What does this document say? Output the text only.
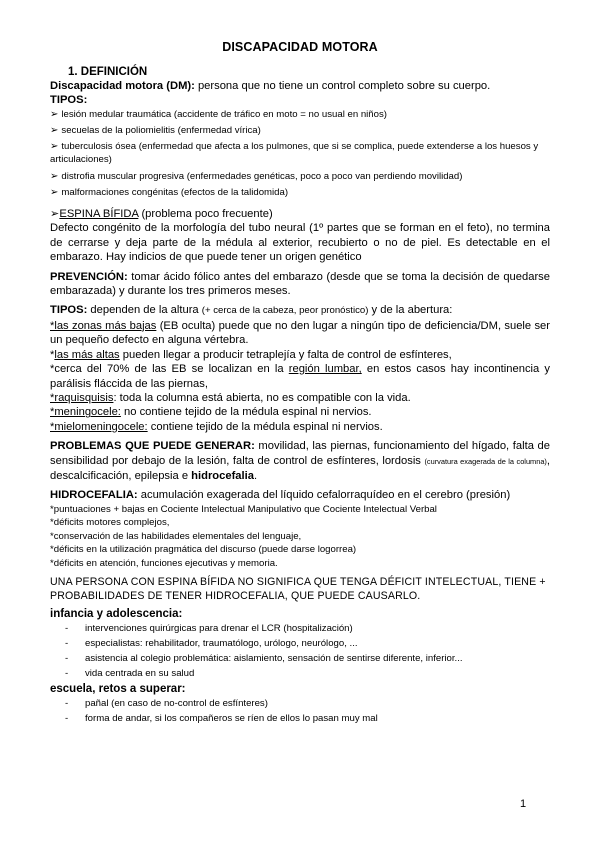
DISCAPACIDAD MOTORA

1. DEFINICIÓN

Discapacidad motora (DM): persona que no tiene un control completo sobre su cuerpo.

TIPOS:

➢ lesión medular traumática (accidente de tráfico en moto = no usual en niños)

➢ secuelas de la poliomielitis (enfermedad vírica)

➢ tuberculosis ósea (enfermedad que afecta a los pulmones, que si se complica, puede extenderse a los huesos y articulaciones)

➢ distrofia muscular progresiva (enfermedades genéticas, poco a poco van perdiendo movilidad)

➢ malformaciones congénitas (efectos de la talidomida)

➢ESPINA BÍFIDA (problema poco frecuente)

Defecto congénito de la morfología del tubo neural (1º partes que se forman en el feto), no termina de cerrarse y deja parte de la médula al exterior, recubierto o no de piel. Es detectable en el embarazo. Hay indicios de que puede tener un origen genético

PREVENCIÓN: tomar ácido fólico antes del embarazo (desde que se toma la decisión de quedarse embarazada) y durante los tres primeros meses.

TIPOS: dependen de la altura (+ cerca de la cabeza, peor pronóstico) y de la abertura:

*las zonas más bajas (EB oculta) puede que no den lugar a ningún tipo de deficiencia/DM, suele ser un pequeño defecto en alguna vértebra.

*las más altas pueden llegar a producir tetraplejía y falta de control de esfínteres,

*cerca del 70% de las EB se localizan en la región lumbar, en estos casos hay incontinencia y parálisis fláccida de las piernas,

*raquisquisis: toda la columna está abierta, no es compatible con la vida.

*meningocele: no contiene tejido de la médula espinal ni nervios.

*mielomeningocele: contiene tejido de la médula espinal ni nervios.

PROBLEMAS QUE PUEDE GENERAR: movilidad, las piernas, funcionamiento del hígado, falta de sensibilidad por debajo de la lesión, falta de control de esfínteres, lordosis (curvatura exagerada de la columna), descalcificación, epilepsia e hidrocefalia.

HIDROCEFALIA: acumulación exagerada del líquido cefalorraquídeo en el cerebro (presión)

*puntuaciones + bajas en Cociente Intelectual Manipulativo que Cociente Intelectual Verbal

*déficits motores complejos,

*conservación de las habilidades elementales del lenguaje,

*déficits en la utilización pragmática del discurso (puede darse logorrea)

*déficits en atención, funciones ejecutivas y memoria.

UNA PERSONA CON ESPINA BÍFIDA NO SIGNIFICA QUE TENGA DÉFICIT INTELECTUAL, TIENE + PROBABILIDADES DE TENER HIDROCEFALIA, QUE PUEDE CAUSARLO.

infancia y adolescencia:

-	intervenciones quirúrgicas para drenar el LCR (hospitalización)

-	especialistas: rehabilitador, traumatólogo, urólogo, neurólogo, ...

-	asistencia al colegio problemática: aislamiento, sensación de sentirse diferente, inferior...

-	vida centrada en su salud

escuela, retos a superar:

-	pañal (en caso de no-control de esfínteres)

-	forma de andar, si los compañeros se ríen de ellos lo pasan muy mal

1
